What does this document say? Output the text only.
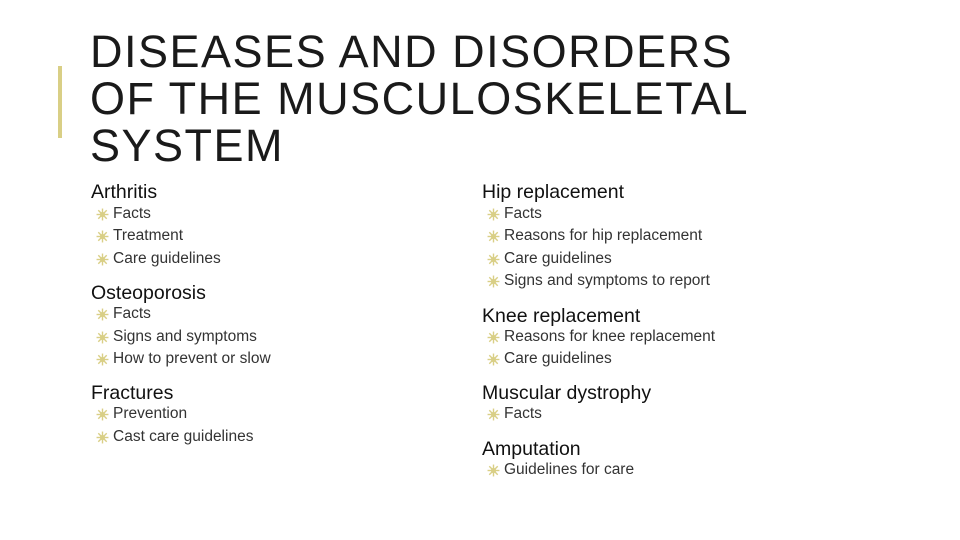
DISEASES AND DISORDERS
OF THE MUSCULOSKELETAL
SYSTEM
Arthritis
Facts
Treatment
Care guidelines
Osteoporosis
Facts
Signs and symptoms
How to prevent or slow
Fractures
Prevention
Cast care guidelines
Hip replacement
Facts
Reasons for hip replacement
Care guidelines
Signs and symptoms to report
Knee replacement
Reasons for knee replacement
Care guidelines
Muscular dystrophy
Facts
Amputation
Guidelines for care
